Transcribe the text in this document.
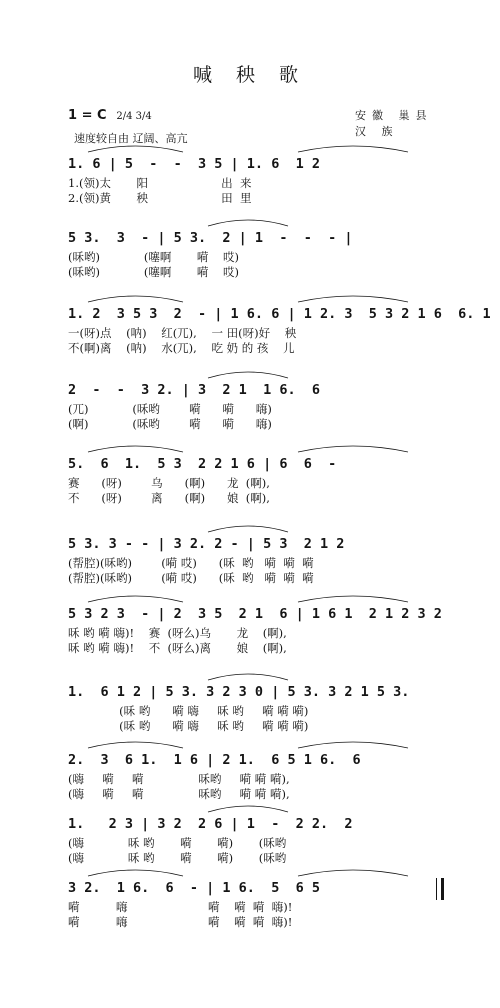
喊 秧 歌
1 = C 2/4 3/4
速度较自由 辽阔、高亢
安徽 巢县
汉 族
1. 6 | 5  -  -  3 5 | 1. 6  1 2
1.(领)太       阳                    出  来
2.(领)黄       秧                    田  里
5 3.  3  - | 5 3.  2 | 1  -  -  - |
(咊哟)            (噻啊       嗬    哎)
(咊哟)            (噻啊       嗬    哎)
1. 2  3 5 3  2  - | 1 6. 6 | 1 2. 3  5 3 2 1 6  6. 1
一(呀)点    (呐)    红(兀),    一 田(呀)好    秧
不(啊)离    (呐)    水(兀),    吃 奶 的 孩    儿
2  -  -  3 2. | 3  2 1  1 6.  6
(兀)            (咊哟        嗬      嗬      嗨)
(啊)            (咊哟        嗬      嗬      嗨)
5.  6  1.  5 3  2 2 1 6 | 6  6  -
赛      (呀)        乌      (啊)      龙  (啊),
不      (呀)        离      (啊)      娘  (啊),
5 3. 3 - - | 3 2. 2 - | 5 3  2 1 2
(帮腔)(咊哟)        (嗬 哎)      (咊  哟   嗬  嗬  嗬
(帮腔)(咊哟)        (嗬 哎)      (咊  哟   嗬  嗬  嗬
5 3 2 3  - | 2  3 5  2 1  6 | 1 6 1  2 1 2 3 2
咊 哟 嗬 嗨)!    赛  (呀么)乌       龙    (啊),
咊 哟 嗬 嗨)!    不  (呀么)离       娘    (啊),
1.  6 1 2 | 5 3. 3 2 3 0 | 5 3. 3 2 1 5 3.
(咊 哟      嗬 嗨     咊 哟     嗬 嗬 嗬)
(咊 哟      嗬 嗨     咊 哟     嗬 嗬 嗬)
2.  3  6 1.  1 6 | 2 1.  6 5 1 6.  6
(嗨     嗬     嗬               咊哟     嗬 嗬 嗬),
(嗨     嗬     嗬               咊哟     嗬 嗬 嗬),
1.   2 3 | 3 2  2 6 | 1  -  2 2.  2
(嗨            咊 哟       嗬       嗬)       (咊哟
(嗨            咊 哟       嗬       嗬)       (咊哟
3 2.  1 6.  6  - | 1 6.  5  6 5
嗬          嗨                      嗬    嗬  嗬  嗨)!
嗬          嗨                      嗬    嗬  嗬  嗨)!
